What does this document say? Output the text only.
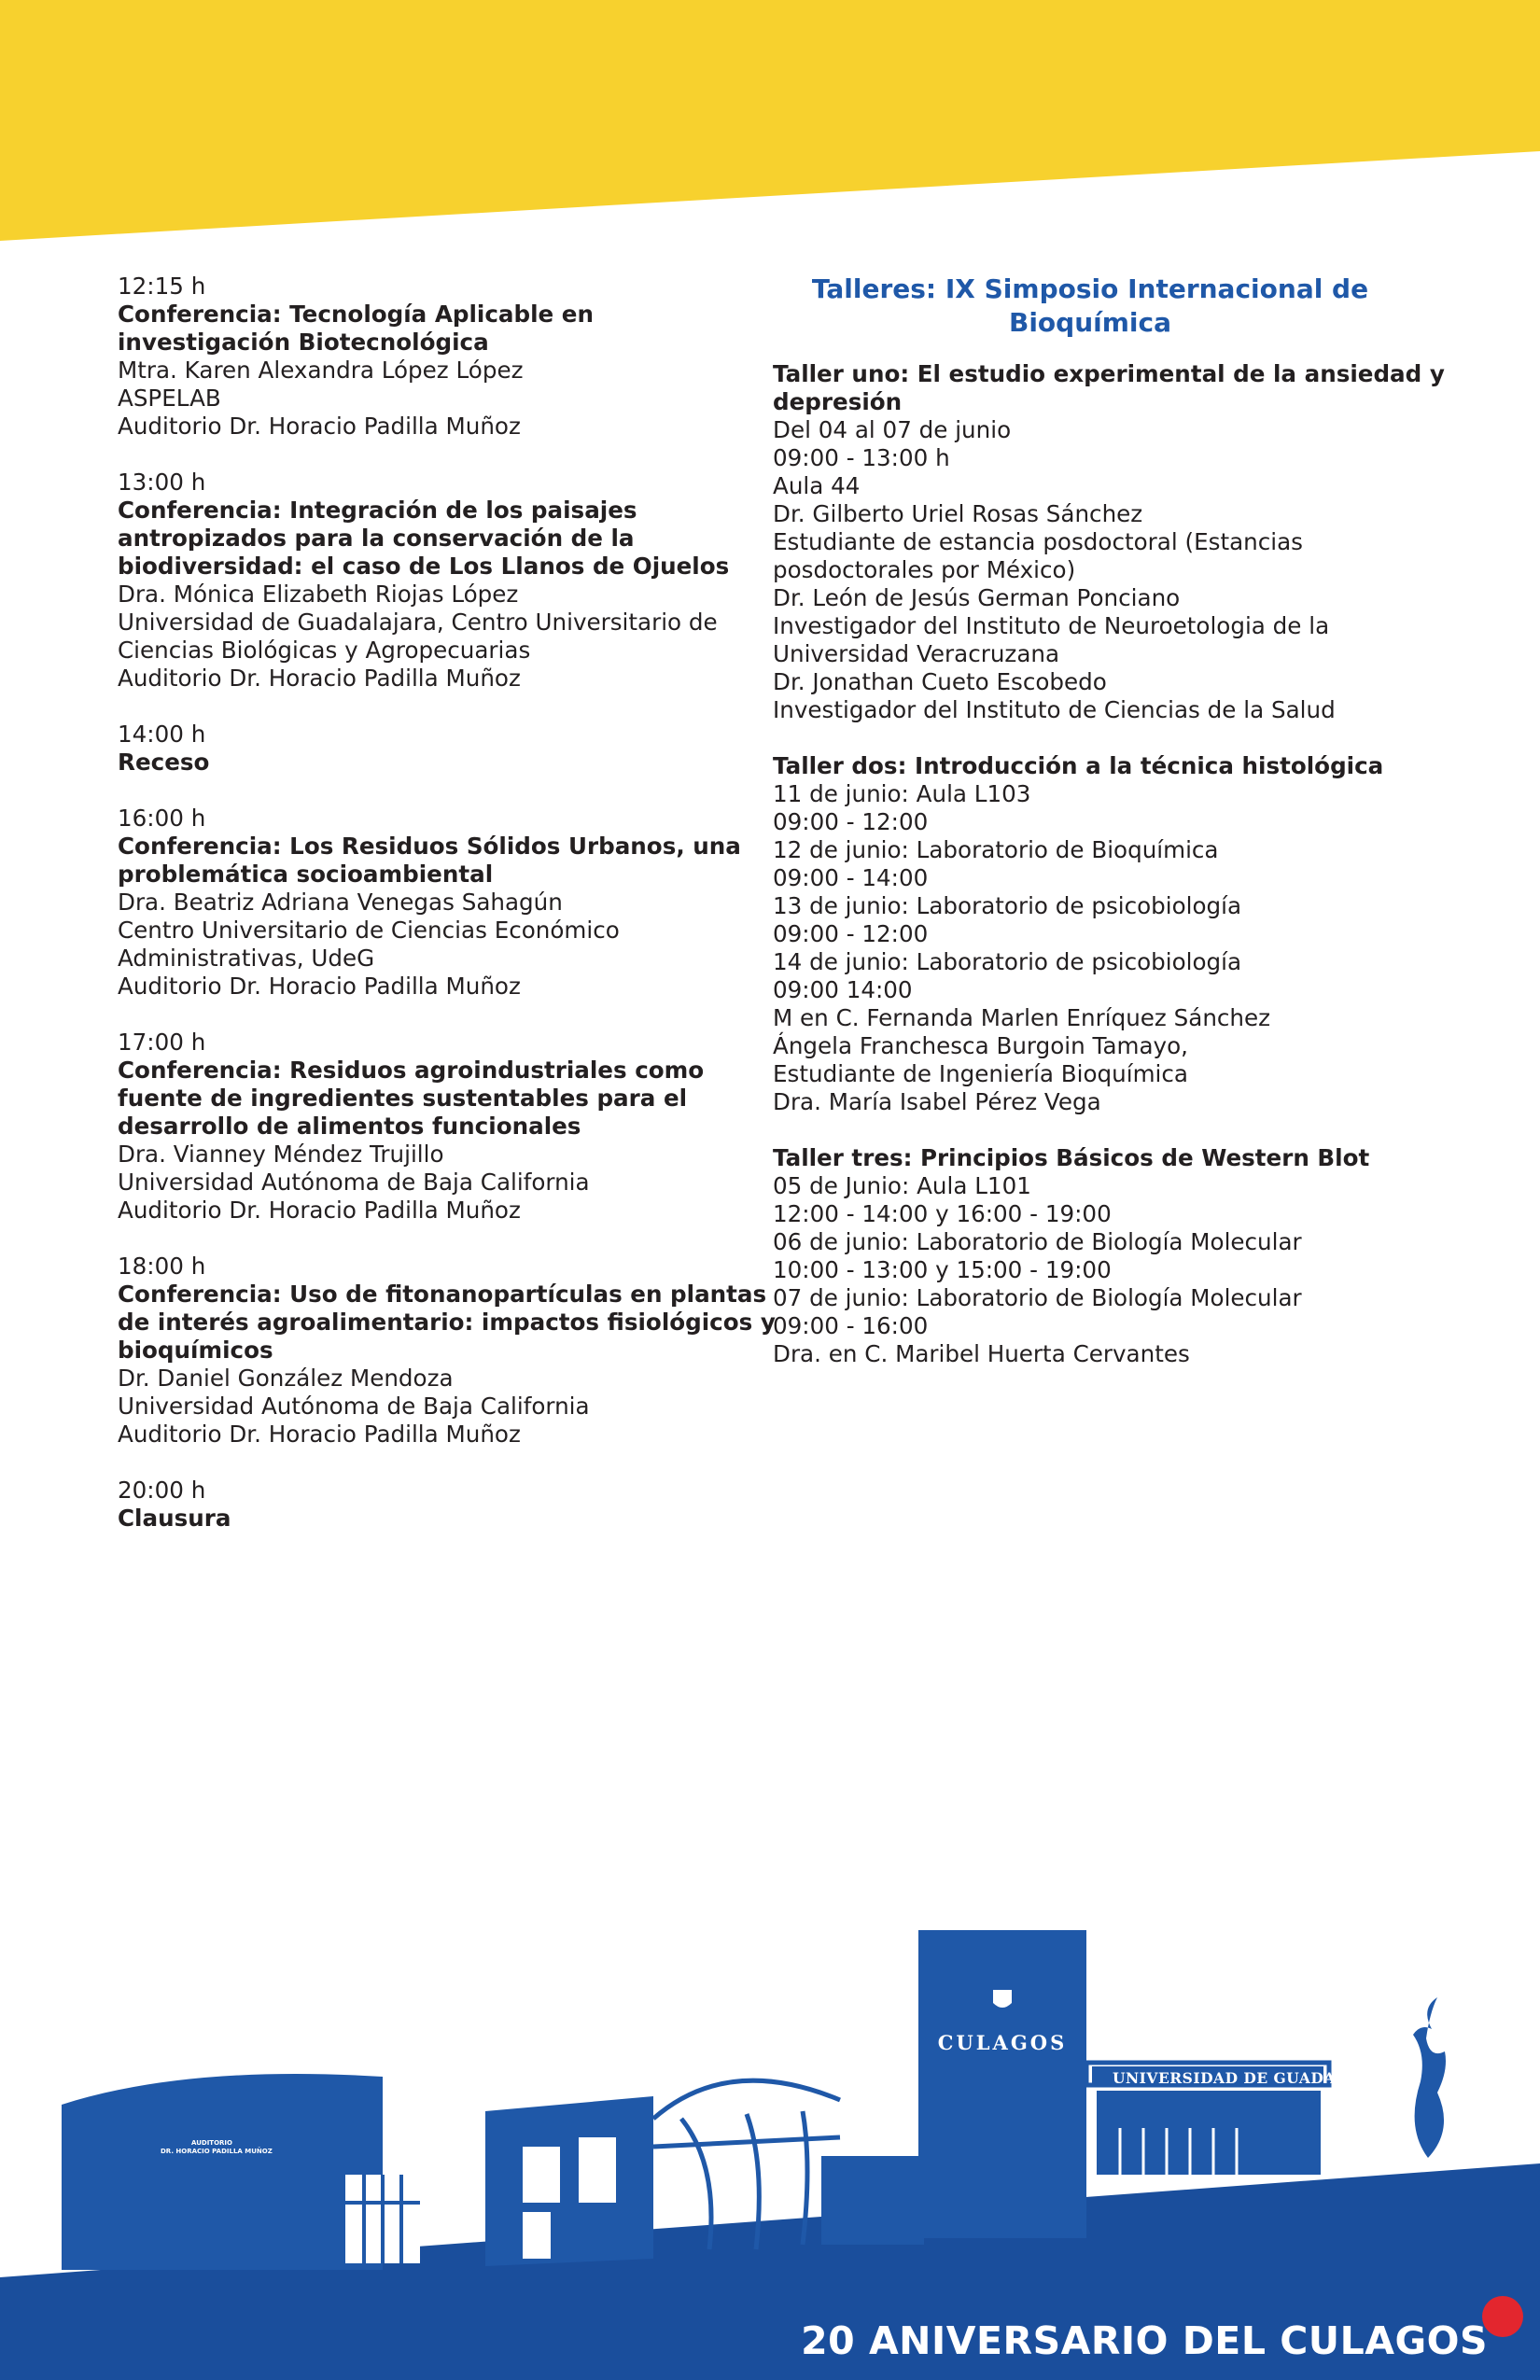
12:15 h
Conferencia: Tecnología Aplicable en
investigación Biotecnológica
Mtra. Karen Alexandra López López
ASPELAB
Auditorio Dr. Horacio Padilla Muñoz
13:00 h
Conferencia: Integración de los paisajes
antropizados para la conservación de la
biodiversidad: el caso de Los Llanos de Ojuelos
Dra. Mónica Elizabeth Riojas López
Universidad de Guadalajara, Centro Universitario de
Ciencias Biológicas y Agropecuarias
Auditorio Dr. Horacio Padilla Muñoz
14:00 h
Receso
16:00 h
Conferencia: Los Residuos Sólidos Urbanos, una
problemática socioambiental
Dra. Beatriz Adriana Venegas Sahagún
Centro Universitario de Ciencias Económico
Administrativas, UdeG
Auditorio Dr. Horacio Padilla Muñoz
17:00 h
Conferencia: Residuos agroindustriales como
fuente de ingredientes sustentables para el
desarrollo de alimentos funcionales
Dra. Vianney Méndez Trujillo
Universidad Autónoma de Baja California
Auditorio Dr. Horacio Padilla Muñoz
18:00 h
Conferencia: Uso de fitonanopartículas en plantas
de interés agroalimentario: impactos fisiológicos y
bioquímicos
Dr. Daniel González Mendoza
Universidad Autónoma de Baja California
Auditorio Dr. Horacio Padilla Muñoz
20:00 h
Clausura
Talleres: IX Simposio Internacional de
Bioquímica
Taller uno: El estudio experimental de la ansiedad y
depresión
Del 04 al 07 de junio
09:00 - 13:00 h
Aula 44
Dr. Gilberto Uriel Rosas Sánchez
Estudiante de estancia posdoctoral (Estancias
posdoctorales por México)
Dr. León de Jesús German Ponciano
Investigador del Instituto de Neuroetologia de la
Universidad Veracruzana
Dr. Jonathan Cueto Escobedo
Investigador del Instituto de Ciencias de la Salud
Taller dos: Introducción a la técnica histológica
11 de junio: Aula L103
09:00 - 12:00
12 de junio: Laboratorio de Bioquímica
09:00 - 14:00
13 de junio: Laboratorio de psicobiología
09:00 - 12:00
14 de junio: Laboratorio de psicobiología
09:00 14:00
M en C. Fernanda Marlen Enríquez Sánchez
Ángela Franchesca Burgoin Tamayo,
Estudiante de Ingeniería Bioquímica
Dra. María Isabel Pérez Vega
Taller tres: Principios Básicos de Western Blot
05 de Junio: Aula L101
12:00 - 14:00 y 16:00 - 19:00
06 de junio: Laboratorio de Biología Molecular
10:00 - 13:00 y 15:00 - 19:00
07 de junio: Laboratorio de Biología Molecular
09:00 - 16:00
Dra. en C. Maribel Huerta Cervantes
CULAGOS
UNIVERSIDAD DE GUADALAJARA
AUDITORIO
DR. HORACIO PADILLA MUÑOZ
20 ANIVERSARIO DEL CULAGOS
